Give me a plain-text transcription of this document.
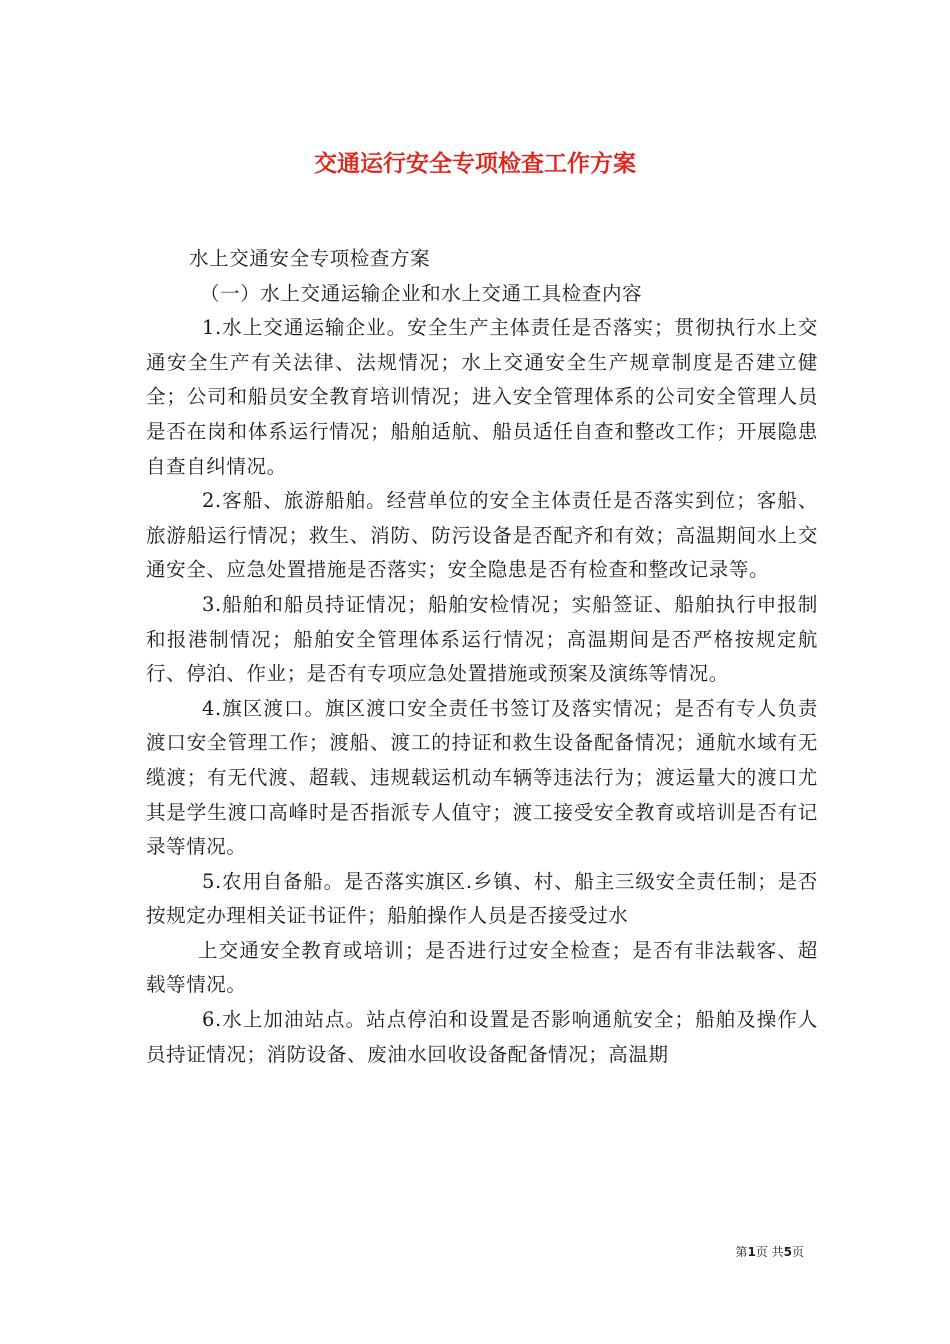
交通运行安全专项检查工作方案

水上交通安全专项检查方案

（一）水上交通运输企业和水上交通工具检查内容

1.水上交通运输企业。安全生产主体责任是否落实；贯彻执行水上交通安全生产有关法律、法规情况；水上交通安全生产规章制度是否建立健全；公司和船员安全教育培训情况；进入安全管理体系的公司安全管理人员是否在岗和体系运行情况；船舶适航、船员适任自查和整改工作；开展隐患自查自纠情况。

2.客船、旅游船舶。经营单位的安全主体责任是否落实到位；客船、旅游船运行情况；救生、消防、防污设备是否配齐和有效；高温期间水上交通安全、应急处置措施是否落实；安全隐患是否有检查和整改记录等。

3.船舶和船员持证情况；船舶安检情况；实船签证、船舶执行申报制和报港制情况；船舶安全管理体系运行情况；高温期间是否严格按规定航行、停泊、作业；是否有专项应急处置措施或预案及演练等情况。

4.旗区渡口。旗区渡口安全责任书签订及落实情况；是否有专人负责渡口安全管理工作；渡船、渡工的持证和救生设备配备情况；通航水域有无缆渡；有无代渡、超载、违规载运机动车辆等违法行为；渡运量大的渡口尤其是学生渡口高峰时是否指派专人值守；渡工接受安全教育或培训是否有记录等情况。

5.农用自备船。是否落实旗区.乡镇、村、船主三级安全责任制；是否按规定办理相关证书证件；船舶操作人员是否接受过水

上交通安全教育或培训；是否进行过安全检查；是否有非法载客、超载等情况。

6.水上加油站点。站点停泊和设置是否影响通航安全；船舶及操作人员持证情况；消防设备、废油水回收设备配备情况；高温期

第1页 共5页
